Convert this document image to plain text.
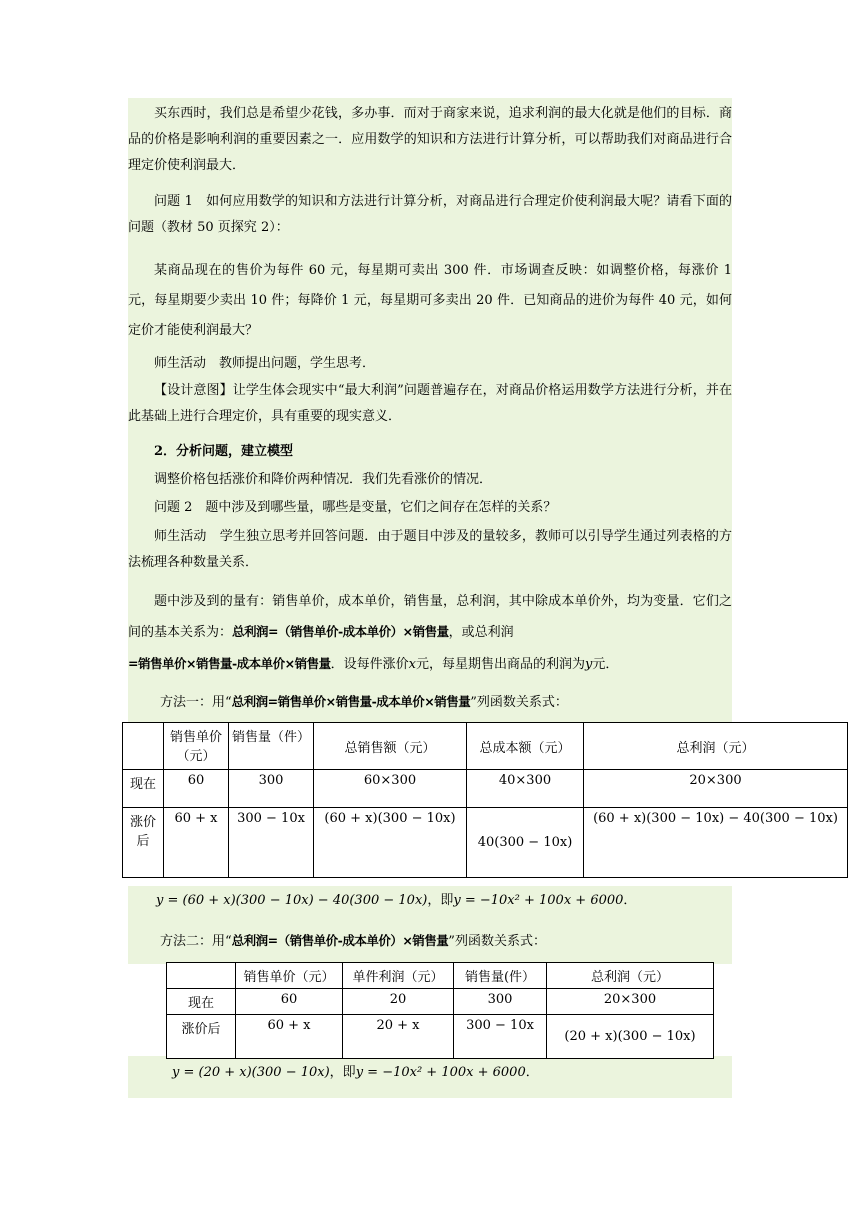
买东西时，我们总是希望少花钱，多办事．而对于商家来说，追求利润的最大化就是他们的目标．商品的价格是影响利润的重要因素之一．应用数学的知识和方法进行计算分析，可以帮助我们对商品进行合理定价使利润最大．

问题 1　如何应用数学的知识和方法进行计算分析，对商品进行合理定价使利润最大呢？请看下面的问题（教材 50 页探究 2）：

某商品现在的售价为每件 60 元，每星期可卖出 300 件．市场调查反映：如调整价格，每涨价 1 元，每星期要少卖出 10 件；每降价 1 元，每星期可多卖出 20 件．已知商品的进价为每件 40 元，如何定价才能使利润最大？

师生活动　教师提出问题，学生思考．

【设计意图】让学生体会现实中“最大利润”问题普遍存在，对商品价格运用数学方法进行分析，并在此基础上进行合理定价，具有重要的现实意义．

2．分析问题，建立模型

调整价格包括涨价和降价两种情况．我们先看涨价的情况．

问题 2　题中涉及到哪些量，哪些是变量，它们之间存在怎样的关系？

师生活动　学生独立思考并回答问题．由于题目中涉及的量较多，教师可以引导学生通过列表格的方法梳理各种数量关系．

题中涉及到的量有：销售单价，成本单价，销售量，总利润，其中除成本单价外，均为变量．它们之间的基本关系为：总利润=（销售单价-成本单价）×销售量，或总利润

=销售单价×销售量-成本单价×销售量．设每件涨价x元，每星期售出商品的利润为y元．
方法一：用“总利润=销售单价×销售量-成本单价×销售量”列函数关系式：
	销售单价（元）	销售量（件）	总销售额（元）	总成本额（元）	总利润（元）
现在	60	300	60×300	40×300	20×300
涨价后	60 + x	300 − 10x	(60 + x)(300 − 10x)	40(300 − 10x)	(60 + x)(300 − 10x) − 40(300 − 10x)
y = (60 + x)(300 − 10x) − 40(300 − 10x)，即y = −10x² + 100x + 6000．
方法二：用“总利润=（销售单价-成本单价）×销售量”列函数关系式：
	销售单价（元）	单件利润（元）	销售量(件）	总利润（元）
现在	60	20	300	20×300
涨价后	60 + x	20 + x	300 − 10x	(20 + x)(300 − 10x)
y = (20 + x)(300 − 10x)，即y = −10x² + 100x + 6000．
